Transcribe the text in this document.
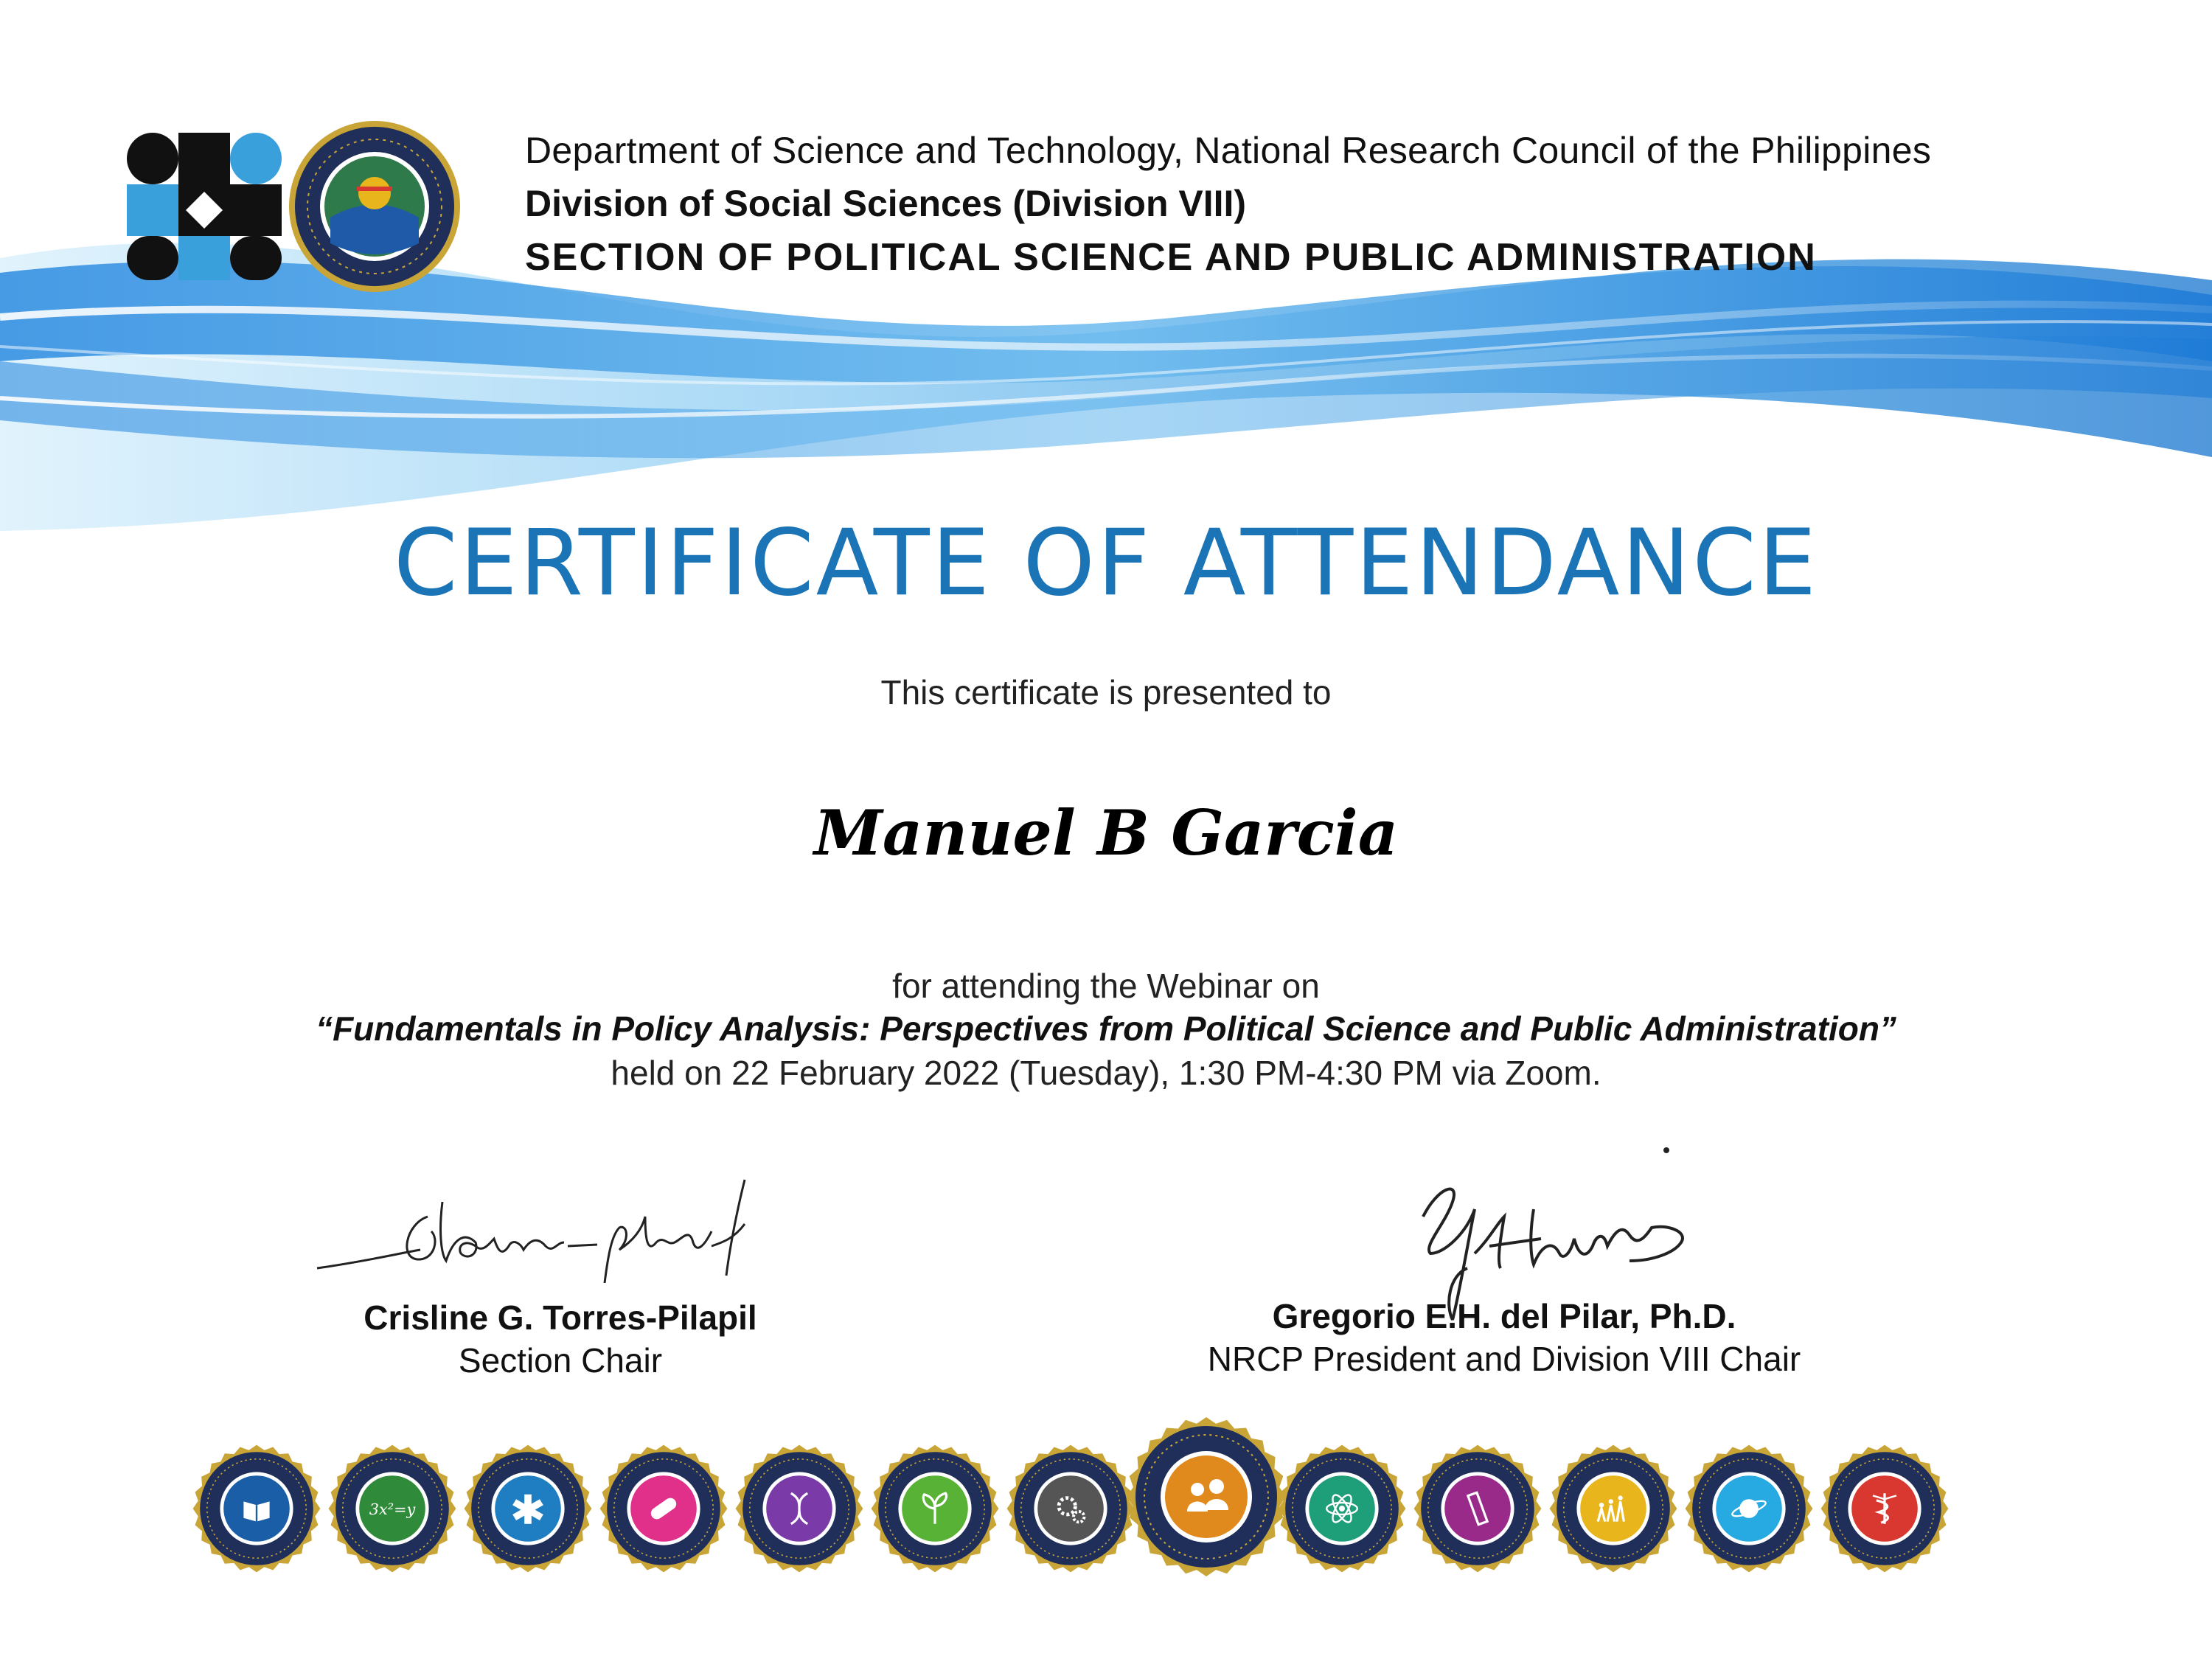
Department of Science and Technology, National Research Council of the Philippines
Division of Social Sciences (Division VIII)
SECTION OF POLITICAL SCIENCE AND PUBLIC ADMINISTRATION
CERTIFICATE OF ATTENDANCE
This certificate is presented to
Manuel B Garcia
for attending the Webinar on
“Fundamentals in Policy Analysis: Perspectives from Political Science and Public Administration”
held on 22 February 2022 (Tuesday), 1:30 PM-4:30 PM via Zoom.
Crisline G. Torres-Pilapil
Section Chair
Gregorio E.H. del Pilar, Ph.D.
NRCP President and Division VIII Chair
3x²=y
